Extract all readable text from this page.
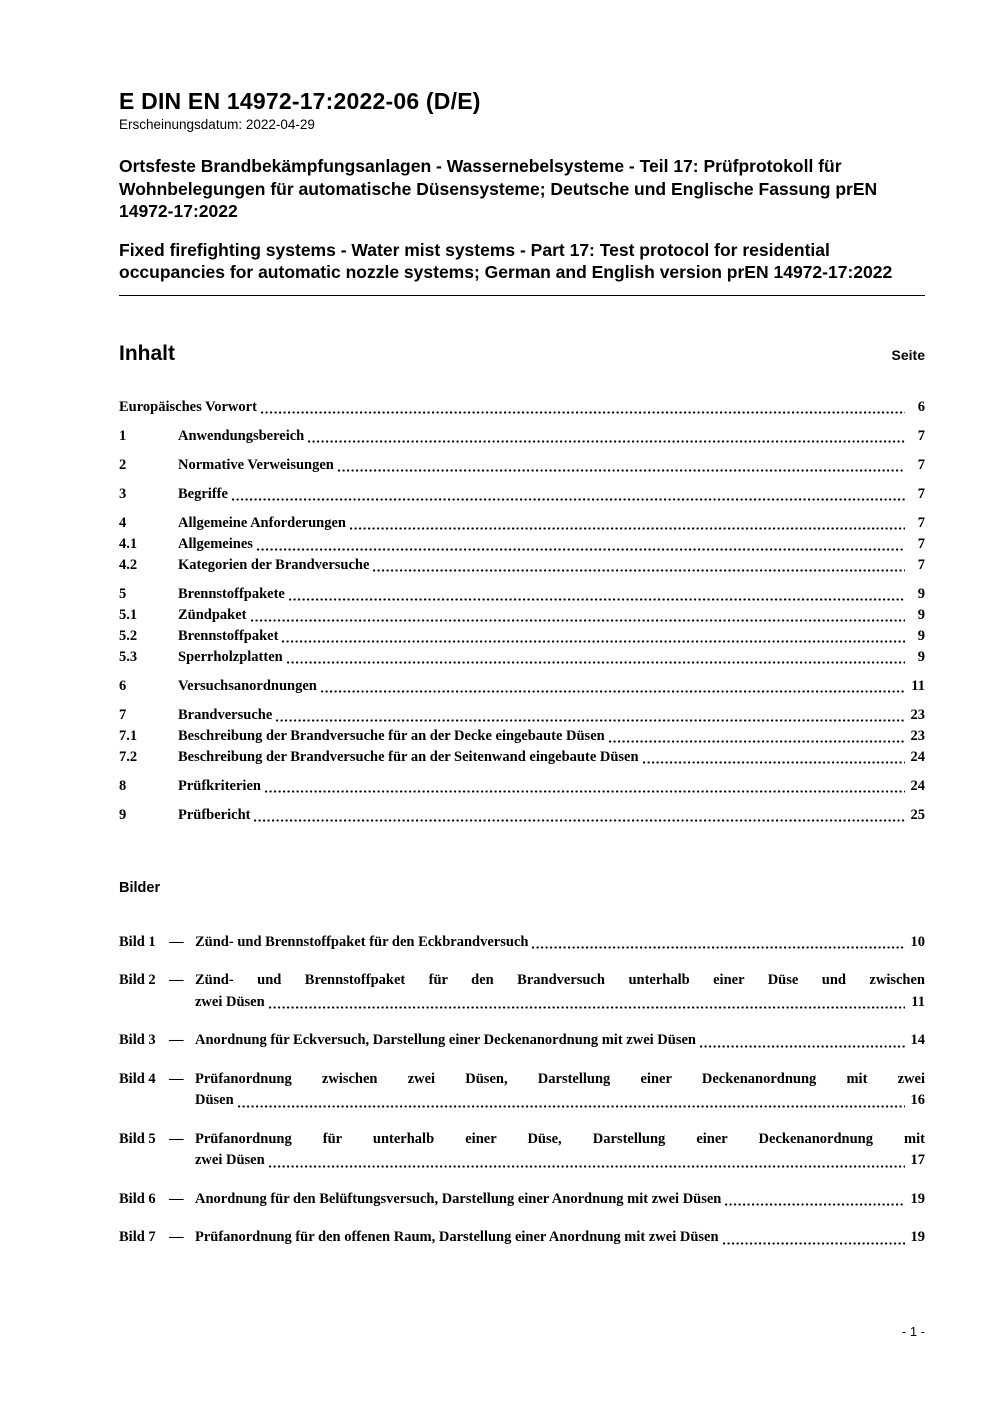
E DIN EN 14972-17:2022-06 (D/E)
Erscheinungsdatum: 2022-04-29

Ortsfeste Brandbekämpfungsanlagen - Wassernebelsysteme - Teil 17: Prüfprotokoll für Wohnbelegungen für automatische Düsensysteme; Deutsche und Englische Fassung prEN 14972-17:2022

Fixed firefighting systems - Water mist systems - Part 17: Test protocol for residential occupancies for automatic nozzle systems; German and English version prEN 14972-17:2022

Inhalt	Seite
Europäisches Vorwort	6
1	Anwendungsbereich	7
2	Normative Verweisungen	7
3	Begriffe	7
4	Allgemeine Anforderungen	7
4.1	Allgemeines	7
4.2	Kategorien der Brandversuche	7
5	Brennstoffpakete	9
5.1	Zündpaket	9
5.2	Brennstoffpaket	9
5.3	Sperrholzplatten	9
6	Versuchsanordnungen	11
7	Brandversuche	23
7.1	Beschreibung der Brandversuche für an der Decke eingebaute Düsen	23
7.2	Beschreibung der Brandversuche für an der Seitenwand eingebaute Düsen	24
8	Prüfkriterien	24
9	Prüfbericht	25
Bilder
Bild 1 — Zünd- und Brennstoffpaket für den Eckbrandversuch	10
Bild 2 — Zünd- und Brennstoffpaket für den Brandversuch unterhalb einer Düse und zwischen
zwei Düsen	11
Bild 3 — Anordnung für Eckversuch, Darstellung einer Deckenanordnung mit zwei Düsen	14
Bild 4 — Prüfanordnung zwischen zwei Düsen, Darstellung einer Deckenanordnung mit zwei
Düsen	16
Bild 5 — Prüfanordnung für unterhalb einer Düse, Darstellung einer Deckenanordnung mit
zwei Düsen	17
Bild 6 — Anordnung für den Belüftungsversuch, Darstellung einer Anordnung mit zwei Düsen	19
Bild 7 — Prüfanordnung für den offenen Raum, Darstellung einer Anordnung mit zwei Düsen	19
- 1 -
